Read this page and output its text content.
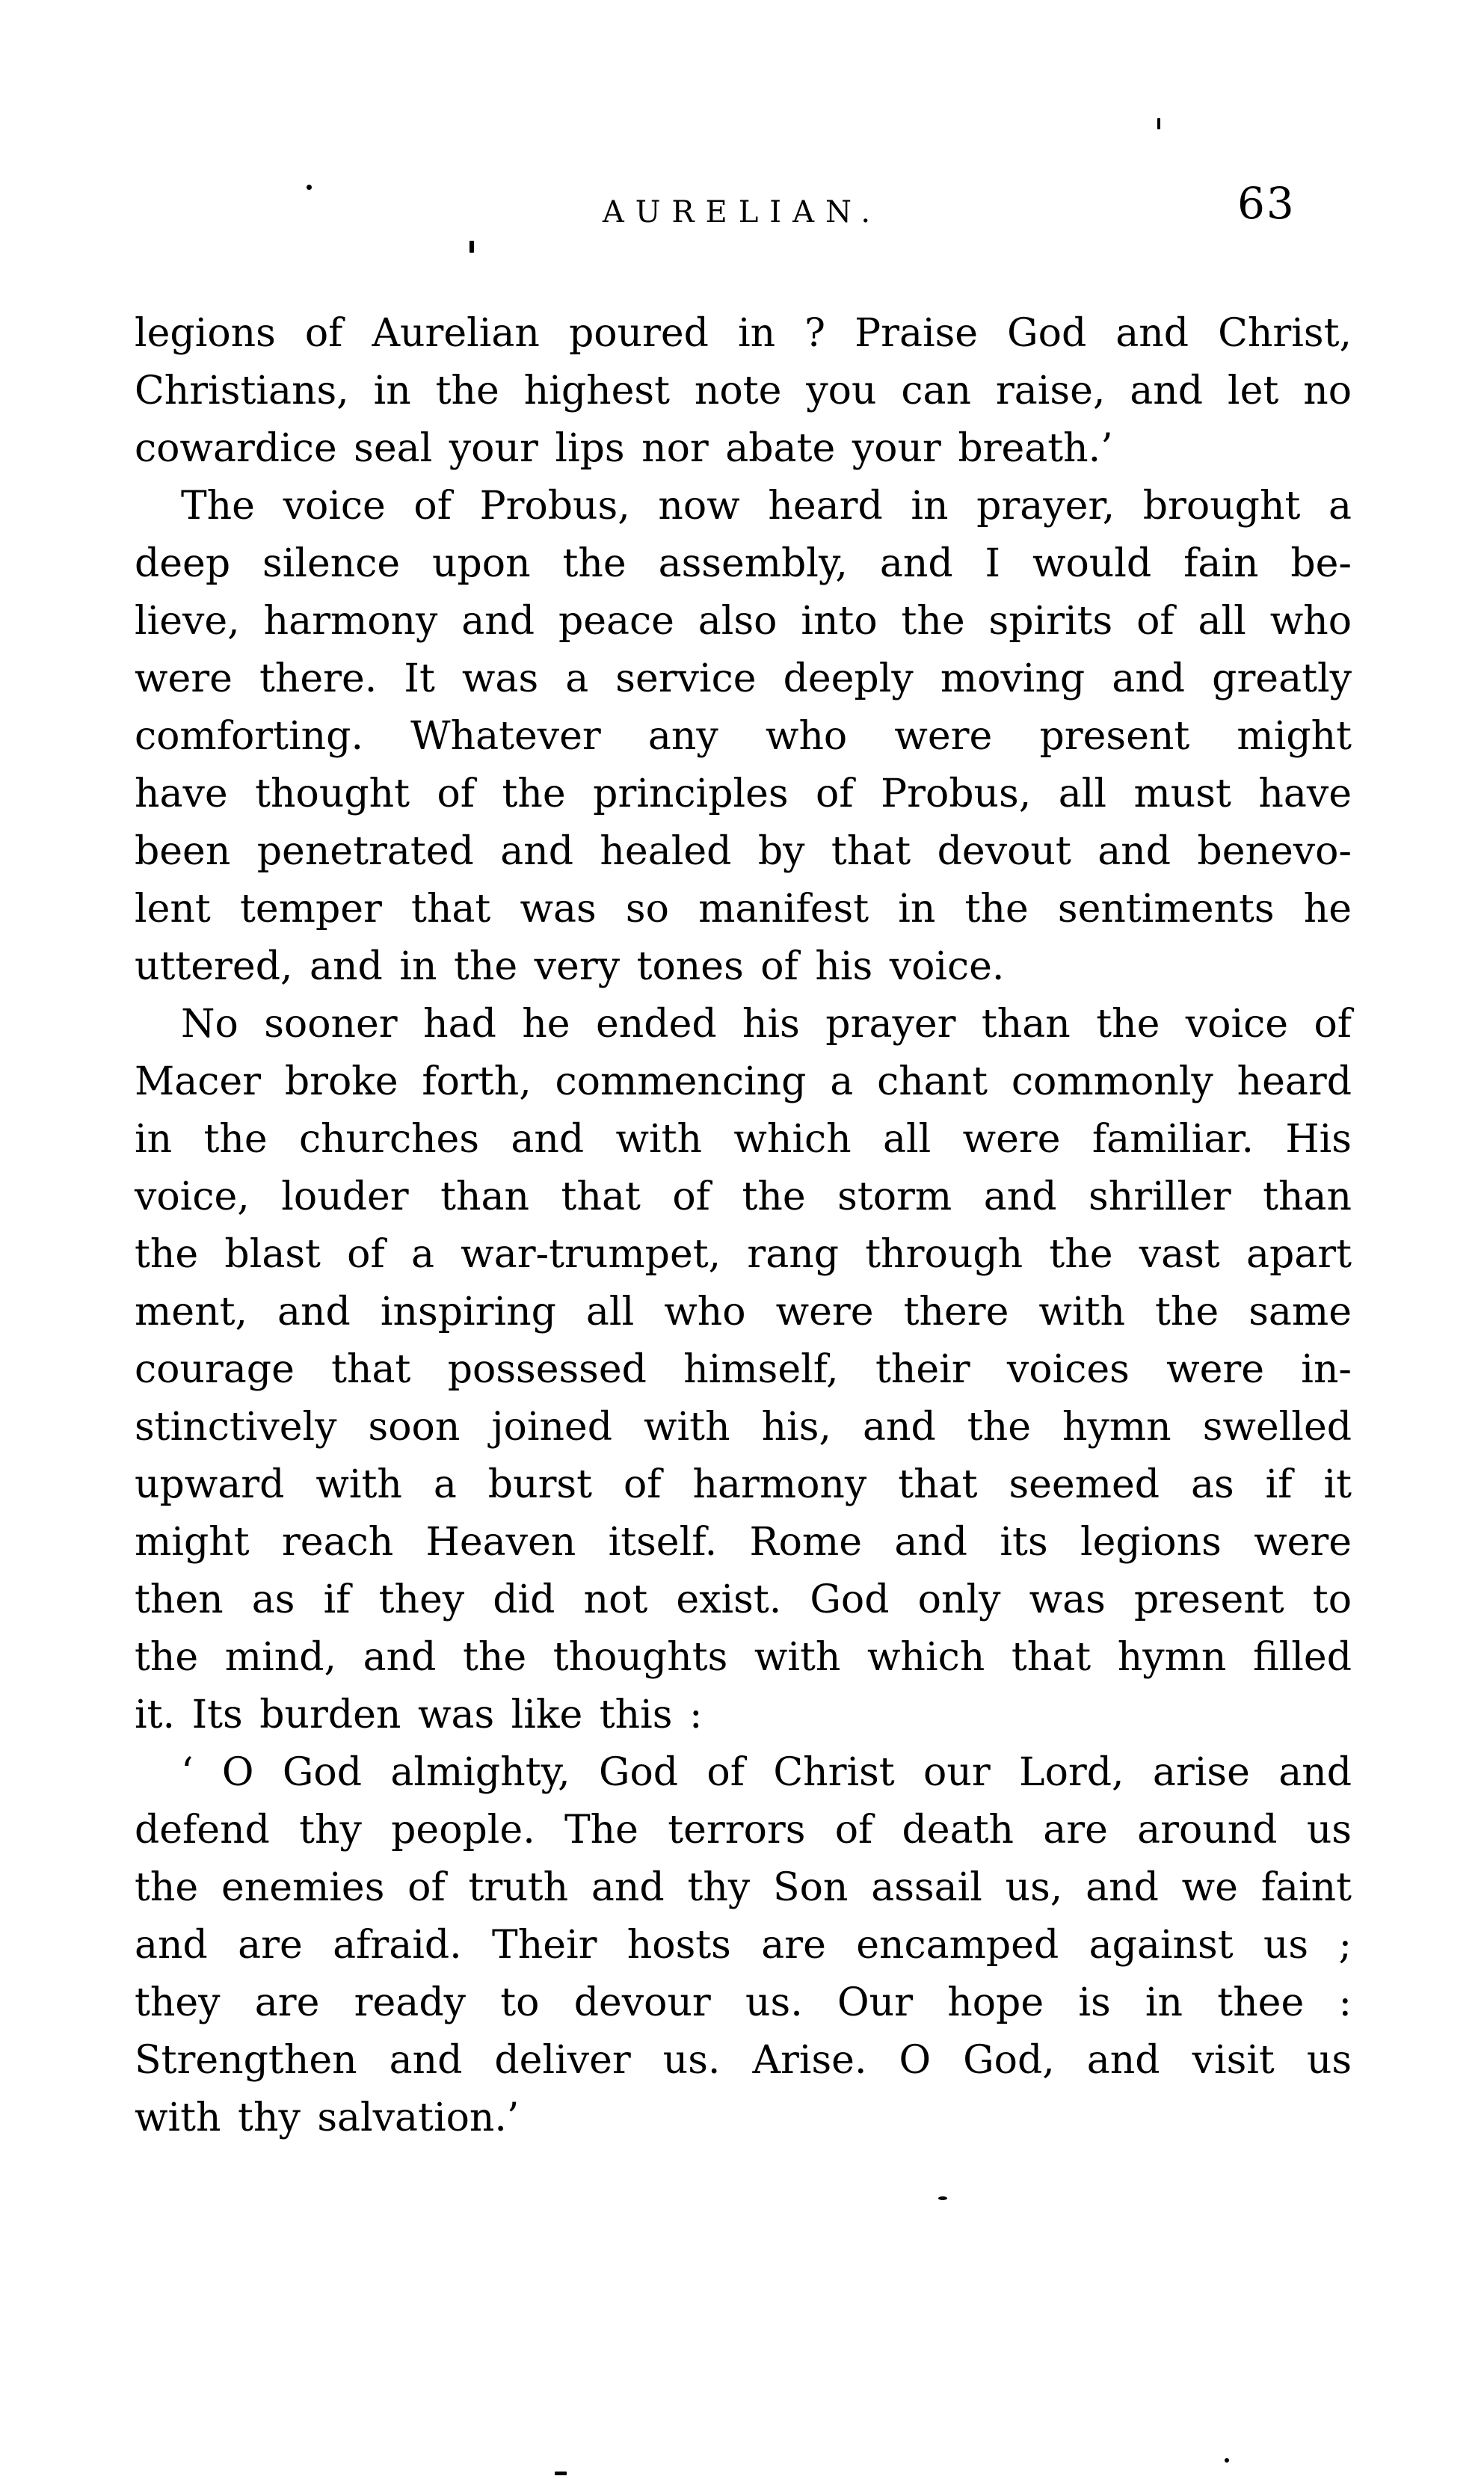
AURELIAN.	63
legions of Aurelian poured in ? Praise God and Christ,
Christians, in the highest note you can raise, and let no
cowardice seal your lips nor abate your breath.’
The voice of Probus, now heard in prayer, brought a
deep silence upon the assembly, and I would fain be-
lieve, harmony and peace also into the spirits of all who
were there. It was a service deeply moving and greatly
comforting. Whatever any who were present might
have thought of the principles of Probus, all must have
been penetrated and healed by that devout and benevo-
lent temper that was so manifest in the sentiments he
uttered, and in the very tones of his voice.
No sooner had he ended his prayer than the voice of
Macer broke forth, commencing a chant commonly heard
in the churches and with which all were familiar. His
voice, louder than that of the storm and shriller than
the blast of a war-trumpet, rang through the vast apart
ment, and inspiring all who were there with the same
courage that possessed himself, their voices were in-
stinctively soon joined with his, and the hymn swelled
upward with a burst of harmony that seemed as if it
might reach Heaven itself. Rome and its legions were
then as if they did not exist. God only was present to
the mind, and the thoughts with which that hymn filled
it. Its burden was like this :
‘ O God almighty, God of Christ our Lord, arise and
defend thy people. The terrors of death are around us
the enemies of truth and thy Son assail us, and we faint
and are afraid. Their hosts are encamped against us ;
they are ready to devour us. Our hope is in thee :
Strengthen and deliver us. Arise. O God, and visit us
with thy salvation.’
